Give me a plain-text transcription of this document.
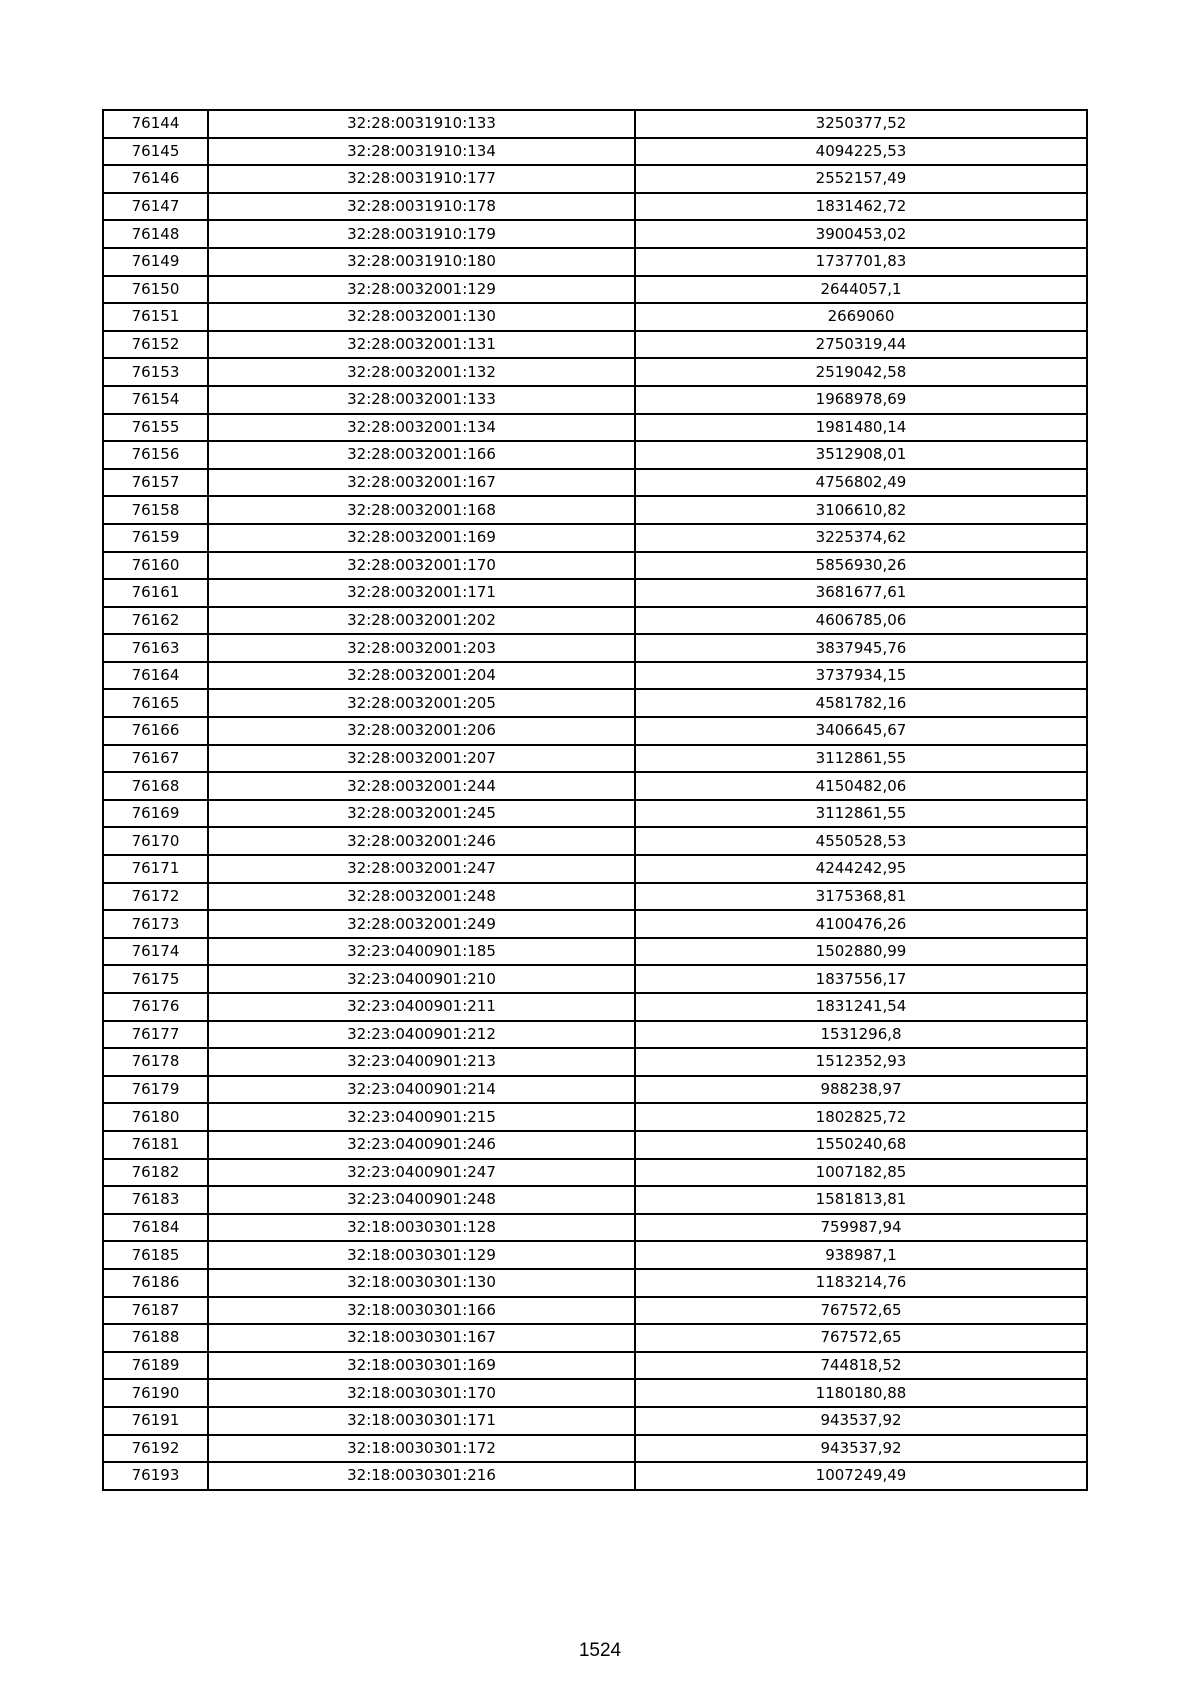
76144	32:28:0031910:133	3250377,52
76145	32:28:0031910:134	4094225,53
76146	32:28:0031910:177	2552157,49
76147	32:28:0031910:178	1831462,72
76148	32:28:0031910:179	3900453,02
76149	32:28:0031910:180	1737701,83
76150	32:28:0032001:129	2644057,1
76151	32:28:0032001:130	2669060
76152	32:28:0032001:131	2750319,44
76153	32:28:0032001:132	2519042,58
76154	32:28:0032001:133	1968978,69
76155	32:28:0032001:134	1981480,14
76156	32:28:0032001:166	3512908,01
76157	32:28:0032001:167	4756802,49
76158	32:28:0032001:168	3106610,82
76159	32:28:0032001:169	3225374,62
76160	32:28:0032001:170	5856930,26
76161	32:28:0032001:171	3681677,61
76162	32:28:0032001:202	4606785,06
76163	32:28:0032001:203	3837945,76
76164	32:28:0032001:204	3737934,15
76165	32:28:0032001:205	4581782,16
76166	32:28:0032001:206	3406645,67
76167	32:28:0032001:207	3112861,55
76168	32:28:0032001:244	4150482,06
76169	32:28:0032001:245	3112861,55
76170	32:28:0032001:246	4550528,53
76171	32:28:0032001:247	4244242,95
76172	32:28:0032001:248	3175368,81
76173	32:28:0032001:249	4100476,26
76174	32:23:0400901:185	1502880,99
76175	32:23:0400901:210	1837556,17
76176	32:23:0400901:211	1831241,54
76177	32:23:0400901:212	1531296,8
76178	32:23:0400901:213	1512352,93
76179	32:23:0400901:214	988238,97
76180	32:23:0400901:215	1802825,72
76181	32:23:0400901:246	1550240,68
76182	32:23:0400901:247	1007182,85
76183	32:23:0400901:248	1581813,81
76184	32:18:0030301:128	759987,94
76185	32:18:0030301:129	938987,1
76186	32:18:0030301:130	1183214,76
76187	32:18:0030301:166	767572,65
76188	32:18:0030301:167	767572,65
76189	32:18:0030301:169	744818,52
76190	32:18:0030301:170	1180180,88
76191	32:18:0030301:171	943537,92
76192	32:18:0030301:172	943537,92
76193	32:18:0030301:216	1007249,49
1524
